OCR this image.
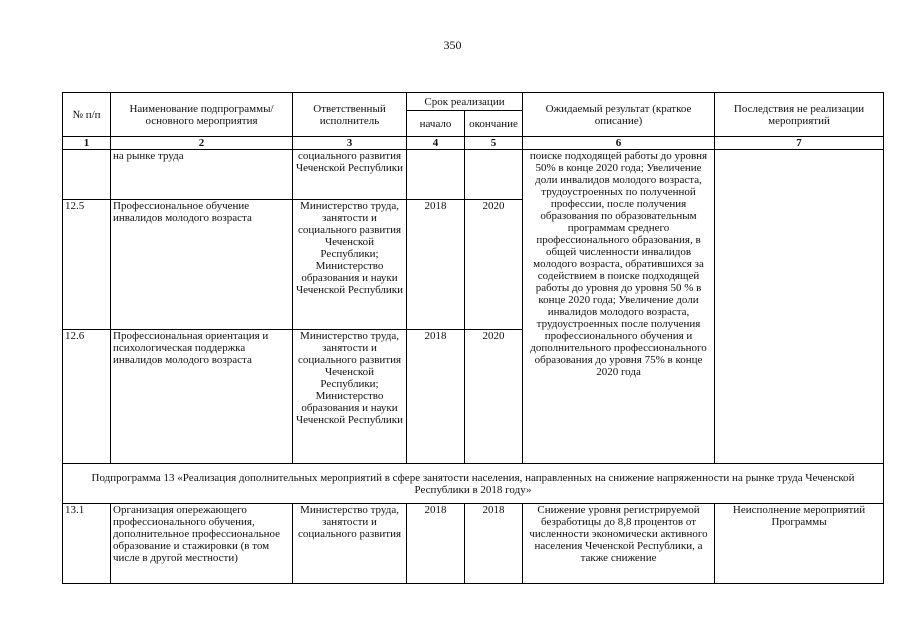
350
№ п/п	Наименование подпрограммы/ основного мероприятия	Ответственный исполнитель	Срок реализации		Ожидаемый результат (краткое описание)	Последствия не реализации мероприятий
			начало	окончание		
1	2	3	4	5	6	7
	на рынке труда	социального развития Чеченской Республики			поиске подходящей работы до уровня 50% в конце 2020 года; Увеличение доли инвалидов молодого возраста, трудоустроенных по полученной профессии, после получения образования по образовательным программам среднего профессионального образования, в общей численности инвалидов молодого возраста, обратившихся за содействием в поиске подходящей работы до уровня до уровня 50 % в конце 2020 года; Увеличение доли инвалидов молодого возраста, трудоустроенных после получения профессионального обучения и дополнительного профессионального образования до уровня 75% в конце 2020 года	
12.5	Профессиональное обучение инвалидов молодого возраста	Министерство труда, занятости и социального развития Чеченской Республики; Министерство образования и науки Чеченской Республики	2018	2020		
12.6	Профессиональная ориентация и психологическая поддержка инвалидов молодого возраста	Министерство труда, занятости и социального развития Чеченской Республики; Министерство образования и науки Чеченской Республики	2018	2020		
Подпрограмма 13 «Реализация дополнительных мероприятий в сфере занятости населения, направленных на снижение напряженности на рынке труда Чеченской Республики в 2018 году»						
13.1	Организация опережающего профессионального обучения, дополнительное профессиональное образование и стажировки (в том числе в другой местности)	Министерство труда, занятости и социального развития	2018	2018	Снижение уровня регистрируемой безработицы до 8,8 процентов от численности экономически активного населения Чеченской Республики, а также снижение	Неисполнение мероприятий Программы
